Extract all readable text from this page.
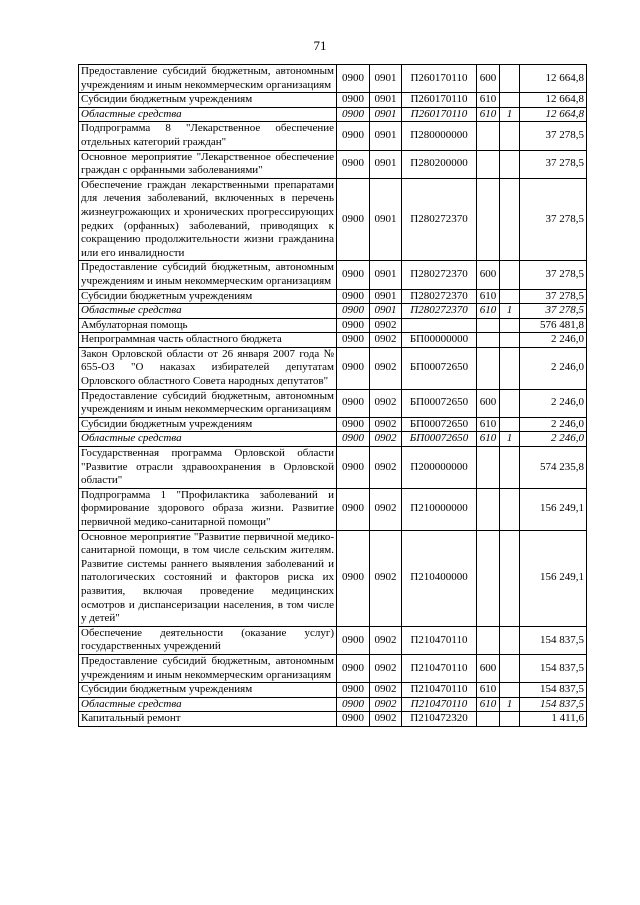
71
Предоставление субсидий бюджетным, автономным учреждениям и иным некоммерческим организациям	0900	0901	П260170110	600		12 664,8
Субсидии бюджетным учреждениям	0900	0901	П260170110	610		12 664,8
Областные средства	0900	0901	П260170110	610	1	12 664,8
Подпрограмма 8 "Лекарственное обеспечение отдельных категорий граждан"	0900	0901	П280000000			37 278,5
Основное мероприятие "Лекарственное обеспечение граждан с орфанными заболеваниями"	0900	0901	П280200000			37 278,5
Обеспечение граждан лекарственными препаратами для лечения заболеваний, включенных в перечень жизнеугрожающих и хронических прогрессирующих редких (орфанных) заболеваний, приводящих к сокращению продолжительности жизни гражданина или его инвалидности	0900	0901	П280272370			37 278,5
Предоставление субсидий бюджетным, автономным учреждениям и иным некоммерческим организациям	0900	0901	П280272370	600		37 278,5
Субсидии бюджетным учреждениям	0900	0901	П280272370	610		37 278,5
Областные средства	0900	0901	П280272370	610	1	37 278,5
Амбулаторная помощь	0900	0902				576 481,8
Непрограммная часть областного бюджета	0900	0902	БП00000000			2 246,0
Закон Орловской области от 26 января 2007 года № 655-ОЗ "О наказах избирателей депутатам Орловского областного Совета народных депутатов"	0900	0902	БП00072650			2 246,0
Предоставление субсидий бюджетным, автономным учреждениям и иным некоммерческим организациям	0900	0902	БП00072650	600		2 246,0
Субсидии бюджетным учреждениям	0900	0902	БП00072650	610		2 246,0
Областные средства	0900	0902	БП00072650	610	1	2 246,0
Государственная программа Орловской области "Развитие отрасли здравоохранения в Орловской области"	0900	0902	П200000000			574 235,8
Подпрограмма 1 "Профилактика заболеваний и формирование здорового образа жизни. Развитие первичной медико-санитарной помощи"	0900	0902	П210000000			156 249,1
Основное мероприятие "Развитие первичной медико-санитарной помощи, в том числе сельским жителям. Развитие системы раннего выявления заболеваний и патологических состояний и факторов риска их развития, включая проведение медицинских осмотров и диспансеризации населения, в том числе у детей"	0900	0902	П210400000			156 249,1
Обеспечение деятельности (оказание услуг) государственных учреждений	0900	0902	П210470110			154 837,5
Предоставление субсидий бюджетным, автономным учреждениям и иным некоммерческим организациям	0900	0902	П210470110	600		154 837,5
Субсидии бюджетным учреждениям	0900	0902	П210470110	610		154 837,5
Областные средства	0900	0902	П210470110	610	1	154 837,5
Капитальный ремонт	0900	0902	П210472320			1 411,6
